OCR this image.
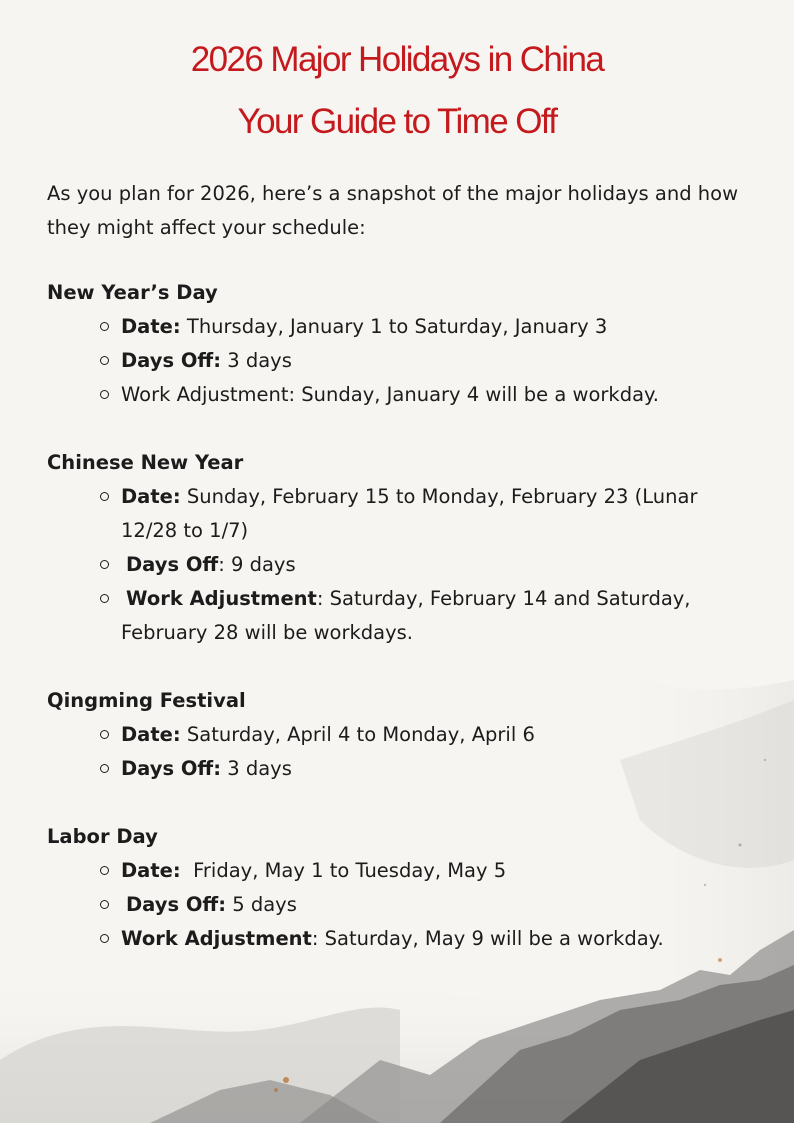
2026 Major Holidays in China
Your Guide to Time Off

As you plan for 2026, here’s a snapshot of the major holidays and how they might affect your schedule:

New Year’s Day
Date: Thursday, January 1 to Saturday, January 3
Days Off: 3 days
Work Adjustment: Sunday, January 4 will be a workday.
Chinese New Year
Date: Sunday, February 15 to Monday, February 23 (Lunar
12/28 to 1/7)
Days Off: 9 days
Work Adjustment: Saturday, February 14 and Saturday,
February 28 will be workdays.
Qingming Festival
Date: Saturday, April 4 to Monday, April 6
Days Off: 3 days
Labor Day
Date:  Friday, May 1 to Tuesday, May 5
Days Off: 5 days
Work Adjustment: Saturday, May 9 will be a workday.
